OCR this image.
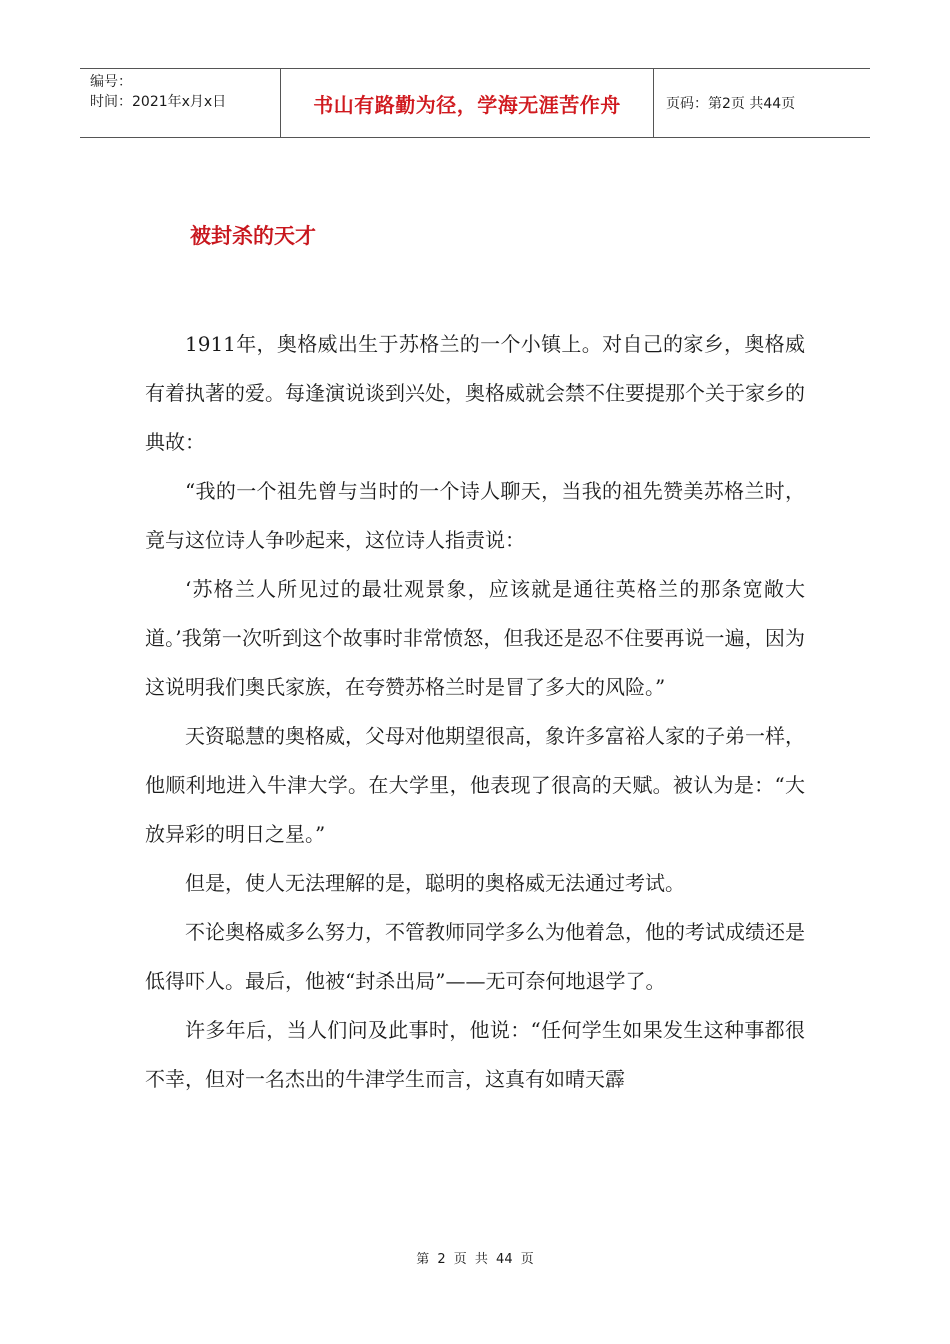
编号：
时间：2021年x月x日	书山有路勤为径，学海无涯苦作舟	页码：第2页 共44页
被封杀的天才

1911年，奥格威出生于苏格兰的一个小镇上。对自己的家乡，奥格威有着执著的爱。每逢演说谈到兴处，奥格威就会禁不住要提那个关于家乡的典故：

“我的一个祖先曾与当时的一个诗人聊天，当我的祖先赞美苏格兰时，竟与这位诗人争吵起来，这位诗人指责说：

‘苏格兰人所见过的最壮观景象，应该就是通往英格兰的那条宽敞大道。’我第一次听到这个故事时非常愤怒，但我还是忍不住要再说一遍，因为这说明我们奥氏家族，在夸赞苏格兰时是冒了多大的风险。”

天资聪慧的奥格威，父母对他期望很高，象许多富裕人家的子弟一样，他顺利地进入牛津大学。在大学里，他表现了很高的天赋。被认为是：“大放异彩的明日之星。”

但是，使人无法理解的是，聪明的奥格威无法通过考试。

不论奥格威多么努力，不管教师同学多么为他着急，他的考试成绩还是低得吓人。最后，他被“封杀出局”——无可奈何地退学了。

许多年后，当人们问及此事时，他说：“任何学生如果发生这种事都很不幸，但对一名杰出的牛津学生而言，这真有如晴天霹

第 2 页 共 44 页
